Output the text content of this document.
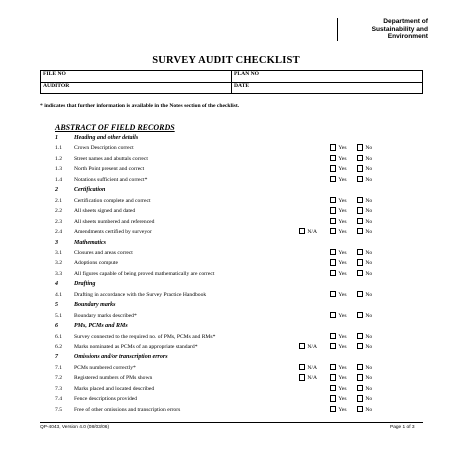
Department of
Sustainability and
Environment
SURVEY AUDIT CHECKLIST
FILE NO	PLAN NO
AUDITOR	DATE
* indicates that further information is available in the Notes section of the checklist.
ABSTRACT OF FIELD RECORDS
1	Heading and other details
1.1 Crown Description correct	Yes	No
1.2 Street names and abuttals correct	Yes	No
1.3 North Point present and correct	Yes	No
1.4 Notations sufficient and correct*	Yes	No
2	Certification
2.1 Certification complete and correct	Yes	No
2.2 All sheets signed and dated	Yes	No
2.3 All sheets numbered and referenced	Yes	No
2.4 Amendments certified by surveyor	N/A	Yes	No
3	Mathematics
3.1 Closures and areas correct	Yes	No
3.2 Adoptions compute	Yes	No
3.3 All figures capable of being proved mathematically are correct	Yes	No
4	Drafting
4.1 Drafting in accordance with the Survey Practice Handbook	Yes	No
5	Boundary marks
5.1 Boundary marks described*	Yes	No
6	PMs, PCMs and RMs
6.1 Survey connected to the required no. of PMs, PCMs and RMs*	Yes	No
6.2 Marks nominated as PCMs of an appropriate standard*	N/A	Yes	No
7	Omissions and/or transcription errors
7.1 PCMs numbered correctly*	N/A	Yes	No
7.2 Registered numbers of PMs shown	N/A	Yes	No
7.3 Marks placed and located described	Yes	No
7.4 Fence descriptions provided	Yes	No
7.5 Free of other omissions and transcription errors	Yes	No
QP-4043, Version 4.0 (08/03/06)	Page 1 of 3
